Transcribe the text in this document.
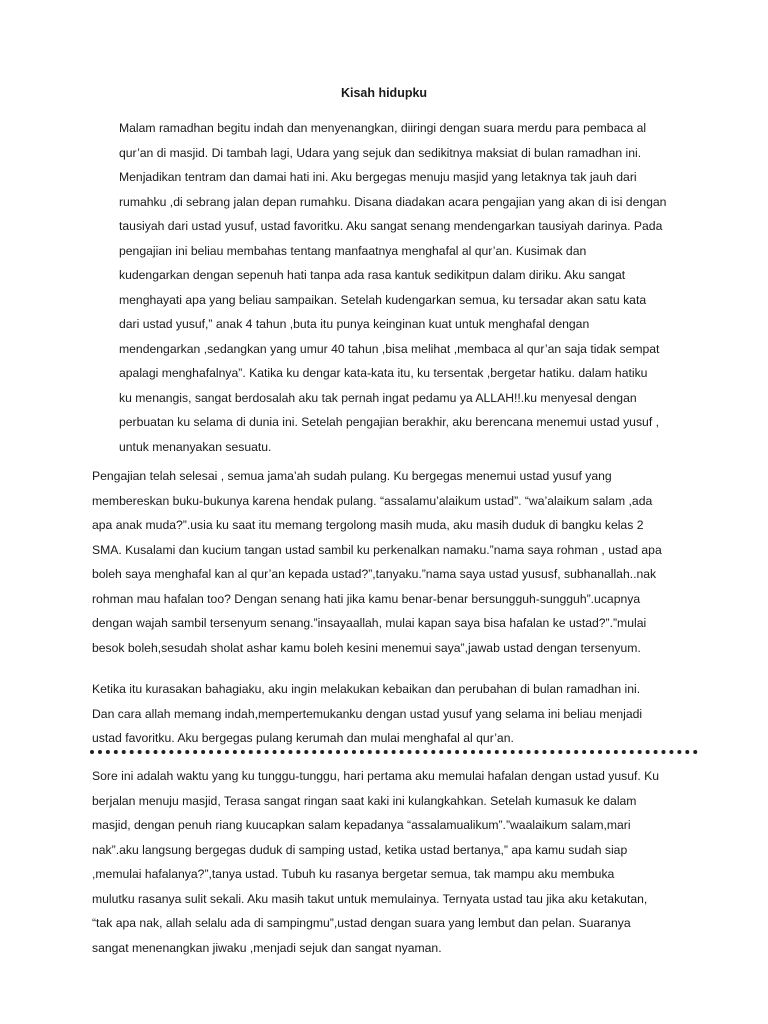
Kisah hidupku
Malam ramadhan begitu indah dan menyenangkan, diiringi dengan suara merdu para pembaca al
qur’an di masjid. Di tambah lagi, Udara yang sejuk dan sedikitnya maksiat di bulan ramadhan ini.
Menjadikan tentram dan damai hati ini. Aku bergegas menuju masjid yang letaknya tak jauh dari
rumahku ,di sebrang jalan depan rumahku. Disana diadakan acara pengajian yang akan di isi dengan
tausiyah dari ustad yusuf, ustad favoritku. Aku sangat senang mendengarkan tausiyah darinya. Pada
pengajian ini beliau membahas tentang manfaatnya menghafal al qur’an. Kusimak dan
kudengarkan dengan sepenuh hati tanpa ada rasa kantuk sedikitpun dalam diriku. Aku sangat
menghayati apa yang beliau sampaikan. Setelah kudengarkan semua, ku tersadar akan satu kata
dari ustad yusuf,” anak 4 tahun ,buta itu punya keinginan kuat untuk menghafal dengan
mendengarkan ,sedangkan yang umur 40 tahun ,bisa melihat ,membaca al qur’an saja tidak sempat
apalagi menghafalnya”. Katika ku dengar kata-kata itu, ku tersentak ,bergetar hatiku. dalam hatiku
ku menangis, sangat berdosalah aku tak pernah ingat pedamu ya ALLAH!!.ku menyesal dengan
perbuatan ku selama di dunia ini. Setelah pengajian berakhir, aku berencana menemui ustad yusuf ,
untuk menanyakan sesuatu.
Pengajian telah selesai , semua jama’ah sudah pulang. Ku bergegas menemui ustad yusuf yang
membereskan buku-bukunya karena hendak pulang. “assalamu’alaikum ustad”. “wa’alaikum salam ,ada
apa anak muda?”.usia ku saat itu memang tergolong masih muda, aku masih duduk di bangku kelas 2
SMA. Kusalami dan kucium tangan ustad sambil ku perkenalkan namaku.”nama saya rohman , ustad apa
boleh saya menghafal kan al qur’an kepada ustad?”,tanyaku.”nama saya ustad yususf, subhanallah..nak
rohman mau hafalan too? Dengan senang hati jika kamu benar-benar bersungguh-sungguh”.ucapnya
dengan wajah sambil tersenyum senang.”insayaallah, mulai kapan saya bisa hafalan ke ustad?”.”mulai
besok boleh,sesudah sholat ashar kamu boleh kesini menemui saya”,jawab ustad dengan tersenyum.
Ketika itu kurasakan bahagiaku, aku ingin melakukan kebaikan dan perubahan di bulan ramadhan ini.
Dan cara allah memang indah,mempertemukanku dengan ustad yusuf yang selama ini beliau menjadi
ustad favoritku. Aku bergegas pulang kerumah dan mulai menghafal al qur’an.
Sore ini adalah waktu yang ku tunggu-tunggu, hari pertama aku memulai hafalan dengan ustad yusuf. Ku
berjalan menuju masjid, Terasa sangat ringan saat kaki ini kulangkahkan. Setelah kumasuk ke dalam
masjid, dengan penuh riang kuucapkan salam kepadanya “assalamualikum”.”waalaikum salam,mari
nak”.aku langsung bergegas duduk di samping ustad, ketika ustad bertanya,” apa kamu sudah siap
,memulai hafalanya?”,tanya ustad. Tubuh ku rasanya bergetar semua, tak mampu aku membuka
mulutku rasanya sulit sekali. Aku masih takut untuk memulainya. Ternyata ustad tau jika aku ketakutan,
“tak apa nak, allah selalu ada di sampingmu”,ustad dengan suara yang lembut dan pelan. Suaranya
sangat menenangkan jiwaku ,menjadi sejuk dan sangat nyaman.
